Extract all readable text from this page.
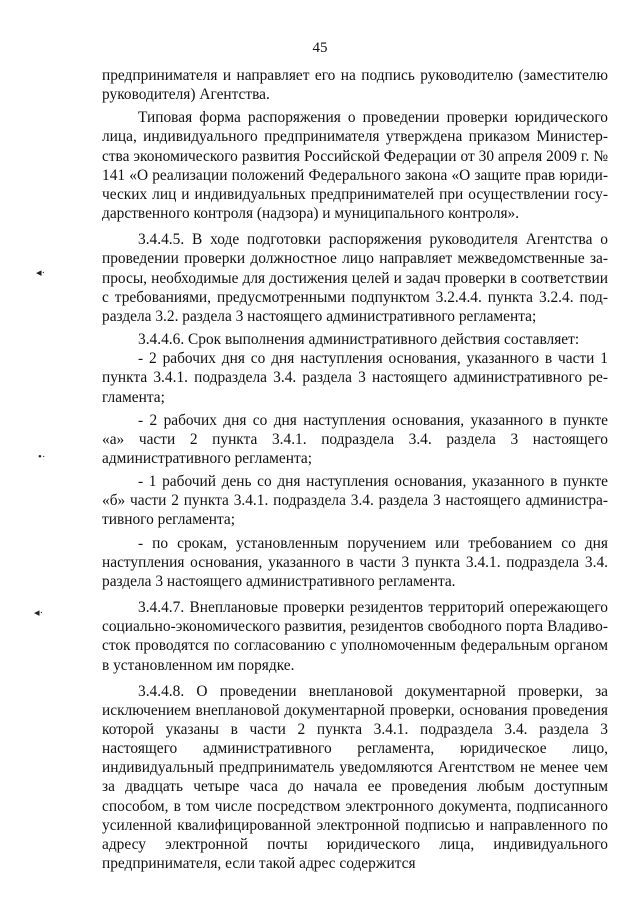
45
◂·
•·
◂·

предпринимателя и направляет его на подпись руководителю (заместителю руководителя) Агентства.

Типовая форма распоряжения о проведении проверки юридического лица, индивидуального предпринимателя утверждена приказом Министерства экономического развития Российской Федерации от 30 апреля 2009 г. № 141 «О реализации положений Федерального закона «О защите прав юридических лиц и индивидуальных предпринимателей при осуществлении государственного контроля (надзора) и муниципального контроля».

3.4.4.5. В ходе подготовки распоряжения руководителя Агентства о проведении проверки должностное лицо направляет межведомственные запросы, необходимые для достижения целей и задач проверки в соответствии с требованиями, предусмотренными подпунктом 3.2.4.4. пункта 3.2.4. подраздела 3.2. раздела 3 настоящего административного регламента;

3.4.4.6. Срок выполнения административного действия составляет:

- 2 рабочих дня со дня наступления основания, указанного в части 1 пункта 3.4.1. подраздела 3.4. раздела 3 настоящего административного регламента;

- 2 рабочих дня со дня наступления основания, указанного в пункте «а» части 2 пункта 3.4.1. подраздела 3.4. раздела 3 настоящего административного регламента;

- 1 рабочий день со дня наступления основания, указанного в пункте «б» части 2 пункта 3.4.1. подраздела 3.4. раздела 3 настоящего административного регламента;

- по срокам, установленным поручением или требованием со дня наступления основания, указанного в части 3 пункта 3.4.1. подраздела 3.4. раздела 3 настоящего административного регламента.

3.4.4.7. Внеплановые проверки резидентов территорий опережающего социально-экономического развития, резидентов свободного порта Владивосток проводятся по согласованию с уполномоченным федеральным органом в установленном им порядке.

3.4.4.8. О проведении внеплановой документарной проверки, за исключением внеплановой документарной проверки, основания проведения которой указаны в части 2 пункта 3.4.1. подраздела 3.4. раздела 3 настоящего административного регламента, юридическое лицо, индивидуальный предприниматель уведомляются Агентством не менее чем за двадцать четыре часа до начала ее проведения любым доступным способом, в том числе посредством электронного документа, подписанного усиленной квалифицированной электронной подписью и направленного по адресу электронной почты юридического лица, индивидуального предпринимателя, если такой адрес содержится
